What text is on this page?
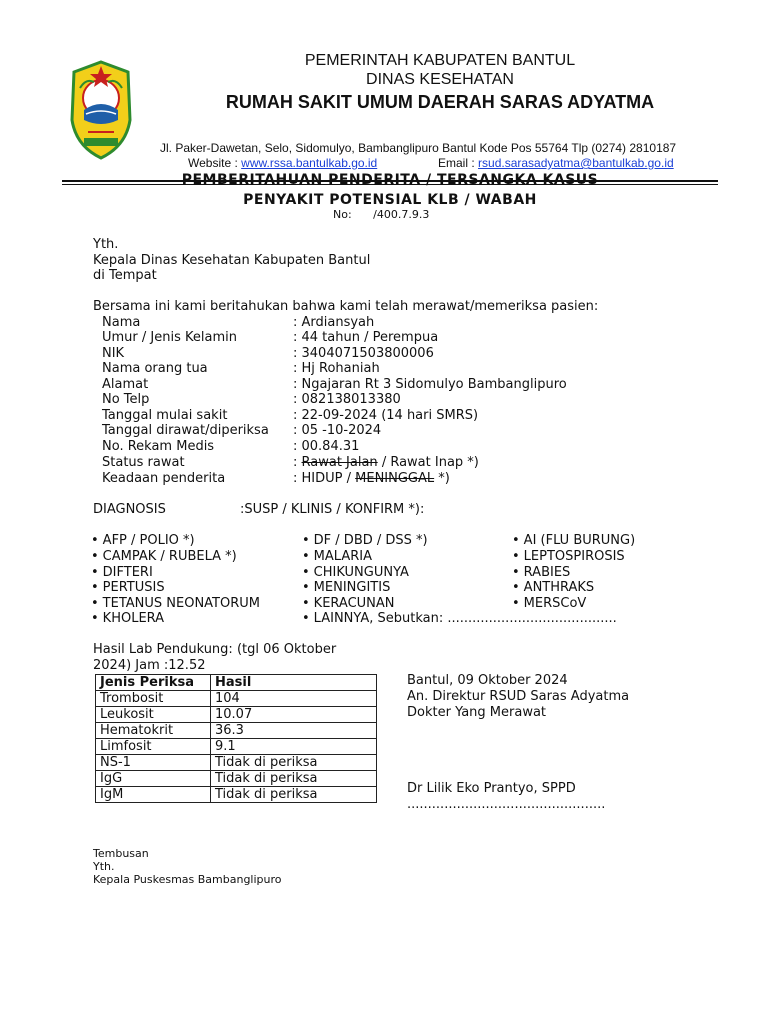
PEMERINTAH KABUPATEN BANTUL
DINAS KESEHATAN
RUMAH SAKIT UMUM DAERAH SARAS ADYATMA
Jl. Paker-Dawetan, Selo, Sidomulyo, Bambanglipuro Bantul Kode Pos 55764 Tlp (0274) 2810187
Website : www.rssa.bantulkab.go.id	Email : rsud.sarasadyatma@bantulkab.go.id
PEMBERITAHUAN PENDERITA / TERSANGKA KASUS
PENYAKIT POTENSIAL KLB / WABAH
No: /400.7.9.3
Yth.
Kepala Dinas Kesehatan Kabupaten Bantul
di Tempat
Bersama ini kami beritahukan bahwa kami telah merawat/memeriksa pasien:
Nama	: Ardiansyah
Umur / Jenis Kelamin	: 44 tahun / Perempua
NIK	: 3404071503800006
Nama orang tua	: Hj Rohaniah
Alamat	: Ngajaran Rt 3 Sidomulyo Bambanglipuro
No Telp	: 082138013380
Tanggal mulai sakit	: 22-09-2024 (14 hari SMRS)
Tanggal dirawat/diperiksa : 05 -10-2024
No. Rekam Medis	: 00.84.31
Status rawat	: Rawat Jalan / Rawat Inap *)
Keadaan penderita	: HIDUP / MENINGGAL *)
DIAGNOSIS	:SUSP / KLINIS / KONFIRM *):
• AFP / POLIO *)
• CAMPAK / RUBELA *)
• DIFTERI
• PERTUSIS
• TETANUS NEONATORUM
• KHOLERA
• DF / DBD / DSS *)
• MALARIA
• CHIKUNGUNYA
• MENINGITIS
• KERACUNAN
• LAINNYA, Sebutkan: .........................................
• AI (FLU BURUNG)
• LEPTOSPIROSIS
• RABIES
• ANTHRAKS
• MERSCoV
Hasil Lab Pendukung: (tgl 06 Oktober
2024) Jam :12.52
Jenis Periksa	Hasil
Trombosit	104
Leukosit	10.07
Hematokrit	36.3
Limfosit	9.1
NS-1	Tidak di periksa
IgG	Tidak di periksa
IgM	Tidak di periksa
Bantul, 09 Oktober 2024
An. Direktur RSUD Saras Adyatma
Dokter Yang Merawat
Dr Lilik Eko Prantyo, SPPD
................................................
Tembusan
Yth.
Kepala Puskesmas Bambanglipuro
